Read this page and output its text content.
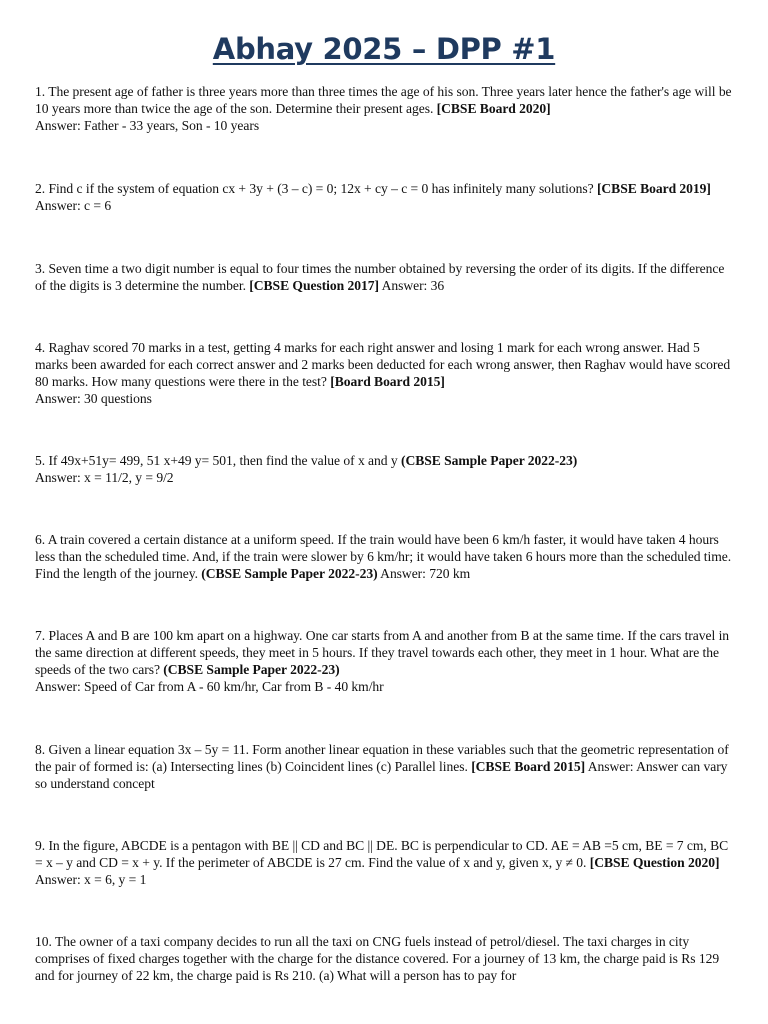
Abhay 2025 – DPP #1
1. The present age of father is three years more than three times the age of his son. Three years later hence the father's age will be 10 years more than twice the age of the son. Determine their present ages. [CBSE Board 2020]
Answer: Father - 33 years, Son - 10 years
2. Find c if the system of equation cx + 3y + (3 – c) = 0; 12x + cy – c = 0 has infinitely many solutions? [CBSE Board 2019] Answer: c = 6
3. Seven time a two digit number is equal to four times the number obtained by reversing the order of its digits. If the difference of the digits is 3 determine the number. [CBSE Question 2017] Answer: 36
4. Raghav scored 70 marks in a test, getting 4 marks for each right answer and losing 1 mark for each wrong answer. Had 5 marks been awarded for each correct answer and 2 marks been deducted for each wrong answer, then Raghav would have scored 80 marks. How many questions were there in the test? [Board Board 2015]
Answer: 30 questions
5. If 49x+51y= 499, 51 x+49 y= 501, then find the value of x and y (CBSE Sample Paper 2022-23)
Answer: x = 11/2, y = 9/2
6. A train covered a certain distance at a uniform speed. If the train would have been 6 km/h faster, it would have taken 4 hours less than the scheduled time. And, if the train were slower by 6 km/hr; it would have taken 6 hours more than the scheduled time. Find the length of the journey. (CBSE Sample Paper 2022-23) Answer: 720 km
7. Places A and B are 100 km apart on a highway. One car starts from A and another from B at the same time. If the cars travel in the same direction at different speeds, they meet in 5 hours. If they travel towards each other, they meet in 1 hour. What are the speeds of the two cars? (CBSE Sample Paper 2022-23)
Answer: Speed of Car from A - 60 km/hr, Car from B - 40 km/hr
8. Given a linear equation 3x – 5y = 11. Form another linear equation in these variables such that the geometric representation of the pair of formed is: (a) Intersecting lines (b) Coincident lines (c) Parallel lines. [CBSE Board 2015] Answer: Answer can vary so understand concept
9. In the figure, ABCDE is a pentagon with BE || CD and BC || DE. BC is perpendicular to CD. AE = AB =5 cm, BE = 7 cm, BC = x – y and CD = x + y. If the perimeter of ABCDE is 27 cm. Find the value of x and y, given x, y ≠ 0. [CBSE Question 2020] Answer: x = 6, y = 1
10. The owner of a taxi company decides to run all the taxi on CNG fuels instead of petrol/diesel. The taxi charges in city comprises of fixed charges together with the charge for the distance covered. For a journey of 13 km, the charge paid is Rs 129 and for journey of 22 km, the charge paid is Rs 210. (a) What will a person has to pay for
